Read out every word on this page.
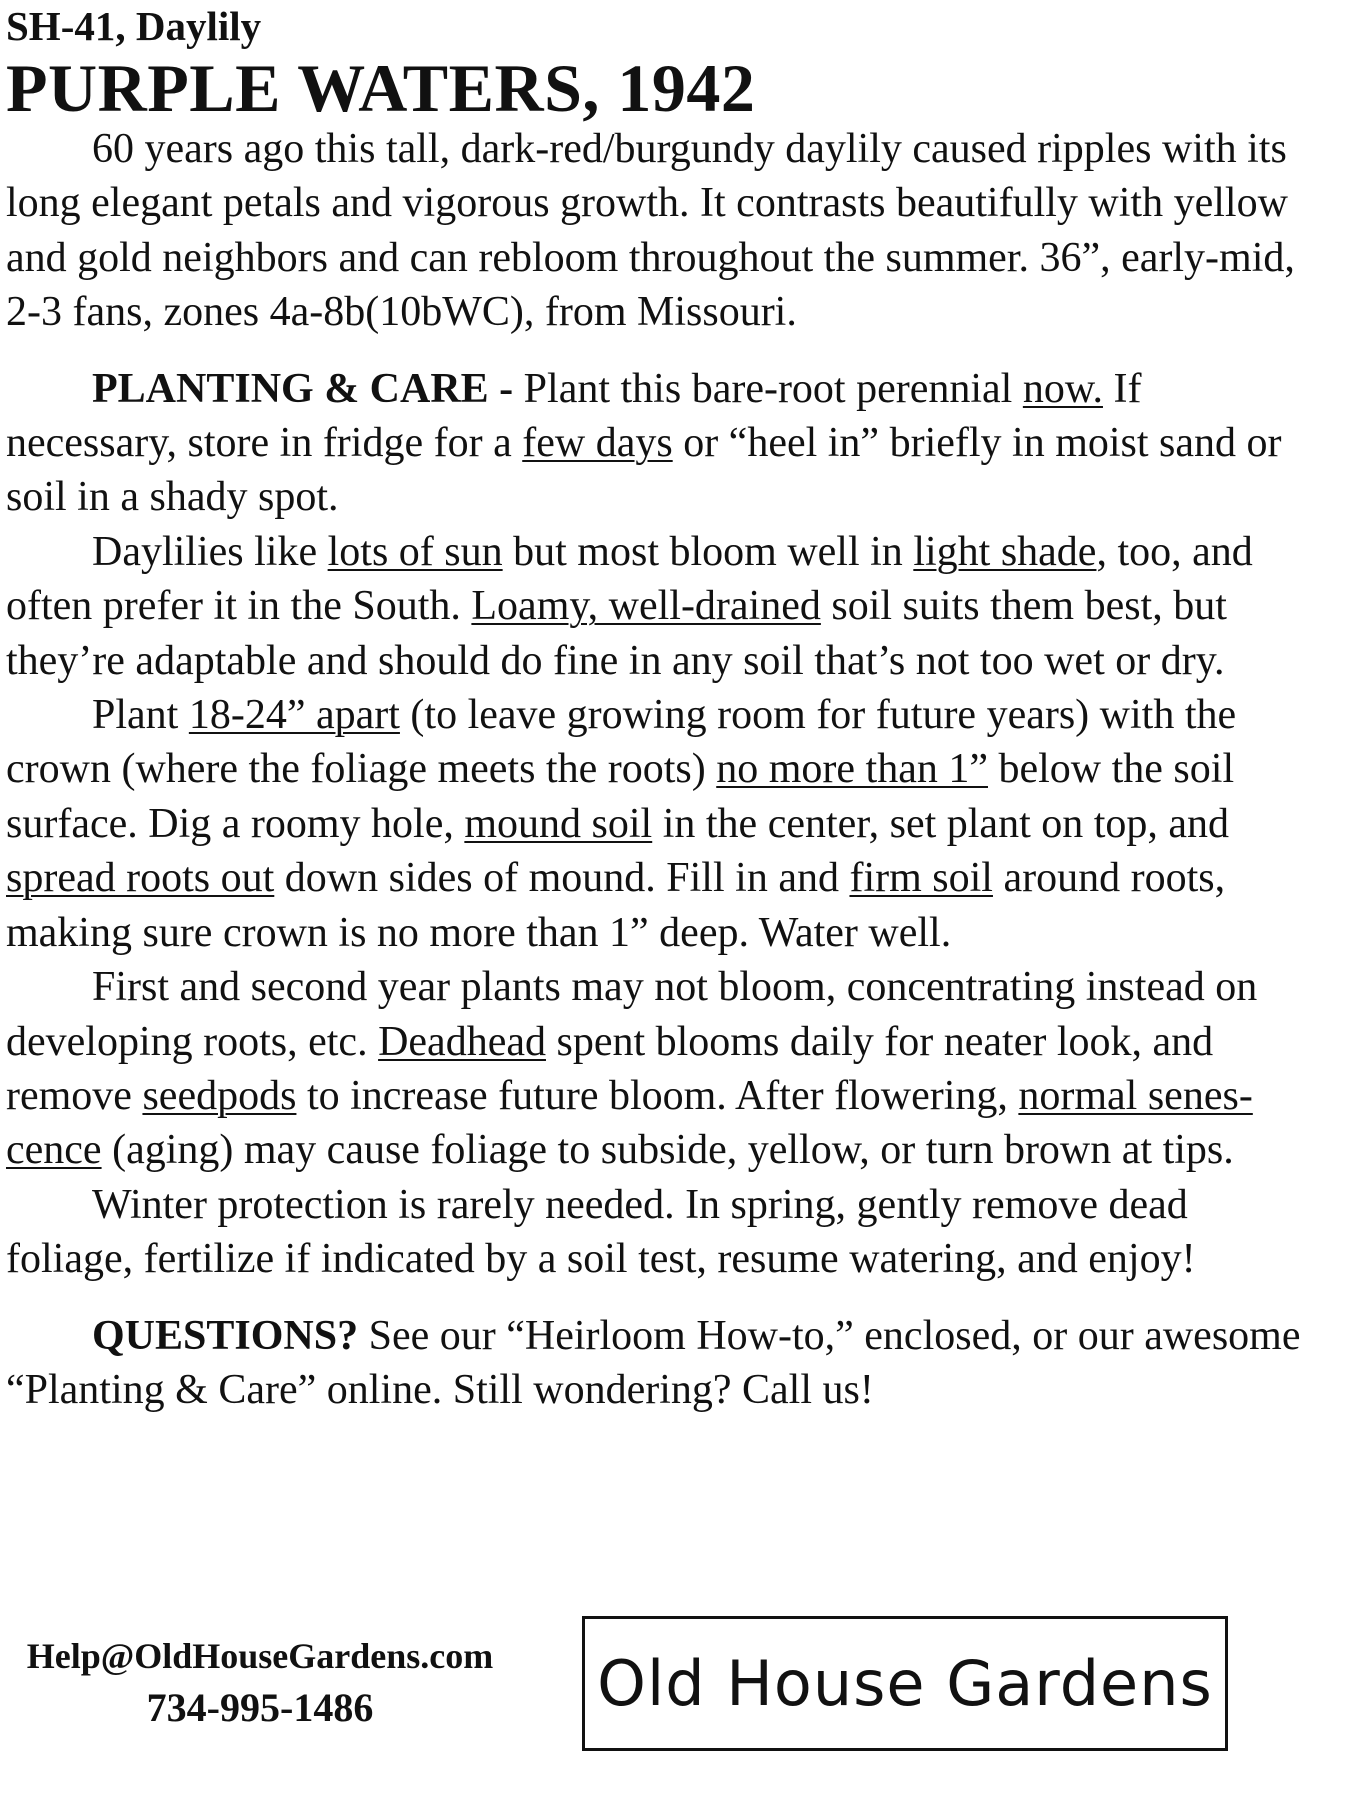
SH-41, Daylily

PURPLE WATERS, 1942

60 years ago this tall, dark-red/burgundy daylily caused ripples with its long elegant petals and vigorous growth. It contrasts beautifully with yellow and gold neighbors and can rebloom throughout the summer. 36”, early-mid, 2-3 fans, zones 4a-8b(10bWC), from Missouri.

PLANTING & CARE - Plant this bare-root perennial now. If necessary, store in fridge for a few days or “heel in” briefly in moist sand or soil in a shady spot.

Daylilies like lots of sun but most bloom well in light shade, too, and often prefer it in the South. Loamy, well-drained soil suits them best, but they’re adaptable and should do fine in any soil that’s not too wet or dry.

Plant 18-24” apart (to leave growing room for future years) with the crown (where the foliage meets the roots) no more than 1” below the soil surface. Dig a roomy hole, mound soil in the center, set plant on top, and spread roots out down sides of mound. Fill in and firm soil around roots, making sure crown is no more than 1” deep. Water well.

First and second year plants may not bloom, concentrating instead on developing roots, etc. Deadhead spent blooms daily for neater look, and remove seedpods to increase future bloom. After flowering, normal senes-
cence (aging) may cause foliage to subside, yellow, or turn brown at tips.

Winter protection is rarely needed. In spring, gently remove dead foliage, fertilize if indicated by a soil test, resume watering, and enjoy!

QUESTIONS? See our “Heirloom How-to,” enclosed, or our awesome “Planting & Care” online. Still wondering? Call us!

Help@OldHouseGardens.com
734-995-1486	Old House Gardens
